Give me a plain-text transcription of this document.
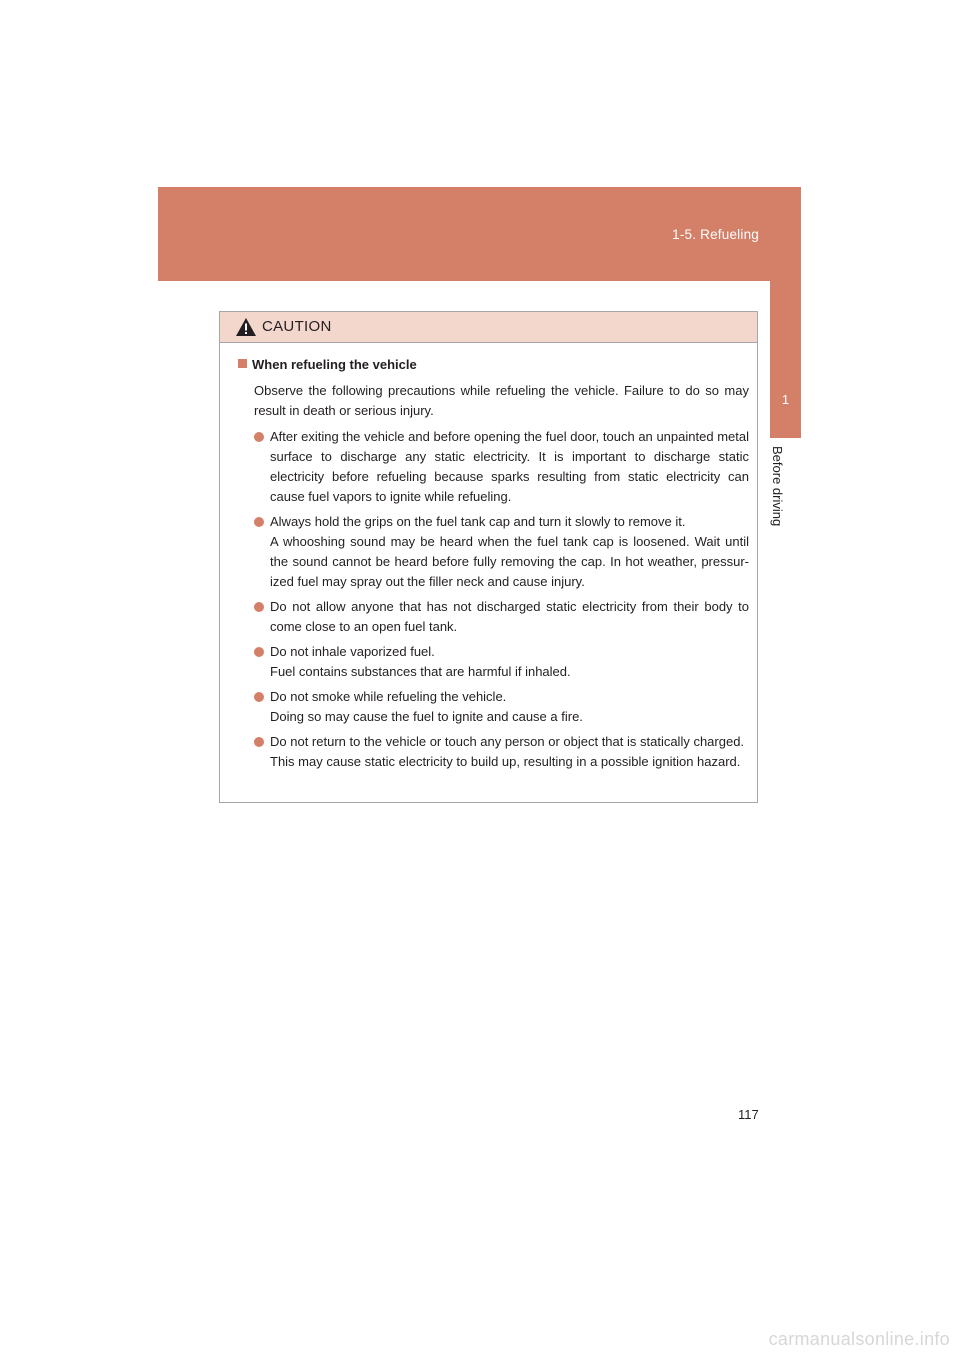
1-5. Refueling
1
Before driving
CAUTION
When refueling the vehicle

Observe the following precautions while refueling the vehicle. Failure to do so may result in death or serious injury.

After exiting the vehicle and before opening the fuel door, touch an unpainted metal surface to discharge any static electricity. It is important to discharge static electricity before refueling because sparks resulting from static electricity can cause fuel vapors to ignite while refueling.

Always hold the grips on the fuel tank cap and turn it slowly to remove it.

A whooshing sound may be heard when the fuel tank cap is loosened. Wait until the sound cannot be heard before fully removing the cap. In hot weather, pressur-ized fuel may spray out the filler neck and cause injury.

Do not allow anyone that has not discharged static electricity from their body to come close to an open fuel tank.

Do not inhale vaporized fuel.

Fuel contains substances that are harmful if inhaled.

Do not smoke while refueling the vehicle.

Doing so may cause the fuel to ignite and cause a fire.

Do not return to the vehicle or touch any person or object that is statically charged.

This may cause static electricity to build up, resulting in a possible ignition hazard.

117
carmanualsonline.info
